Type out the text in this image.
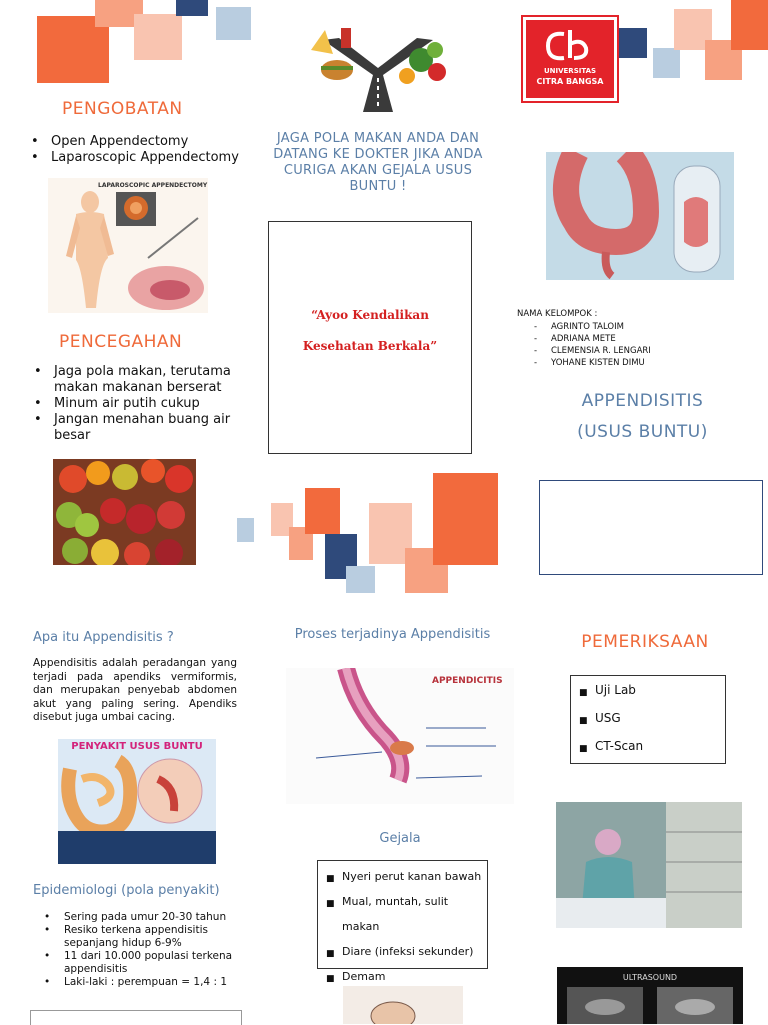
PENGOBATAN
• Open Appendectomy
• Laparoscopic Appendectomy
LAPAROSCOPIC APPENDECTOMY
PENCEGAHAN
• Jaga pola makan, terutama makan makanan berserat
• Minum air putih cukup
• Jangan menahan buang air besar
JAGA POLA MAKAN ANDA DAN DATANG KE DOKTER JIKA ANDA CURIGA AKAN GEJALA USUS BUNTU !
“Ayoo Kendalikan
Kesehatan Berkala”
UNIVERSITAS
CITRA BANGSA
NAMA KELOMPOK :
- AGRINTO TALOIM
- ADRIANA METE
- CLEMENSIA R. LENGARI
- YOHANE KISTEN DIMU
APPENDISITIS
(USUS BUNTU)
Apa itu Appendisitis ?
Appendisitis adalah peradangan yang terjadi pada apendiks vermiformis, dan merupakan penyebab abdomen akut yang paling sering. Apendiks disebut juga umbai cacing.
PENYAKIT USUS BUNTU
Epidemiologi (pola penyakit)
• Sering pada umur 20-30 tahun
• Resiko terkena appendisitis sepanjang hidup 6-9%
• 11 dari 10.000 populasi terkena appendisitis
• Laki-laki : perempuan = 1,4 : 1
Proses terjadinya Appendisitis
APPENDICITIS
Gejala
■ Nyeri perut kanan bawah
■ Mual, muntah, sulit makan
■ Diare (infeksi sekunder)
■ Demam
PEMERIKSAAN
■ Uji Lab
■ USG
■ CT-Scan
ULTRASOUND
